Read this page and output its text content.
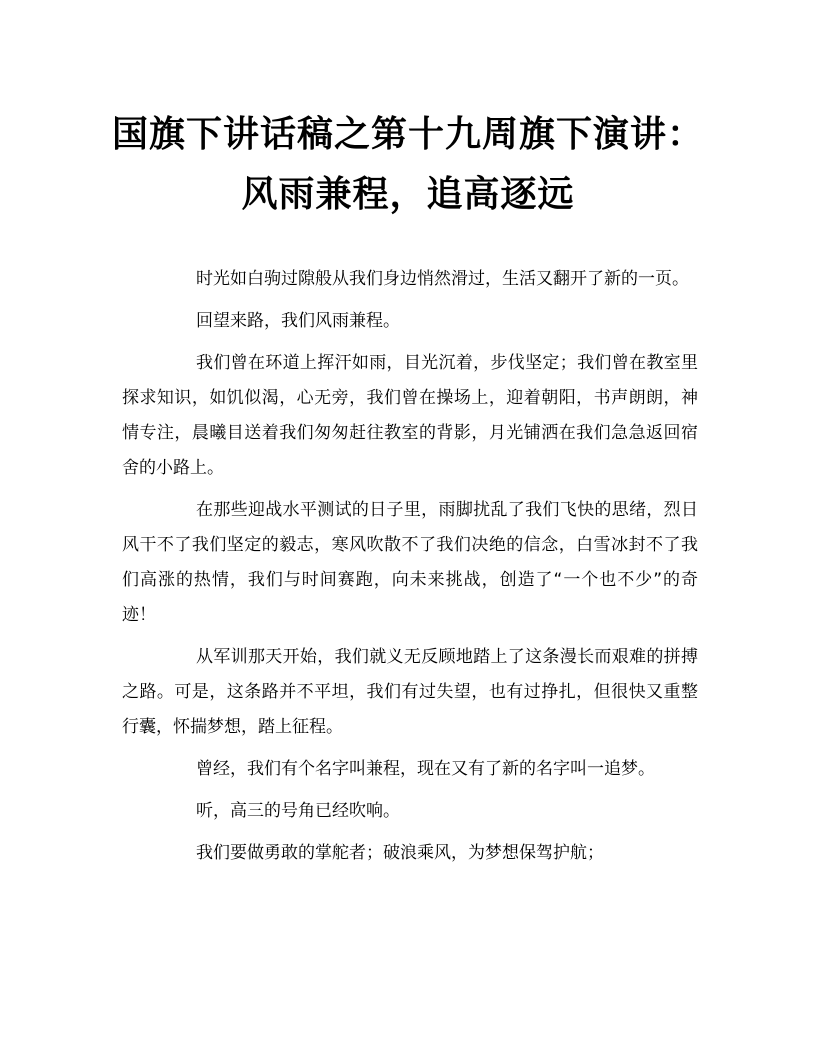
国旗下讲话稿之第十九周旗下演讲：风雨兼程，追高逐远

时光如白驹过隙般从我们身边悄然滑过，生活又翻开了新的一页。

回望来路，我们风雨兼程。

我们曾在环道上挥汗如雨，目光沉着，步伐坚定；我们曾在教室里探求知识，如饥似渴，心无旁，我们曾在操场上，迎着朝阳，书声朗朗，神情专注，晨曦目送着我们匆匆赶往教室的背影，月光铺洒在我们急急返回宿舍的小路上。

在那些迎战水平测试的日子里，雨脚扰乱了我们飞快的思绪，烈日风干不了我们坚定的毅志，寒风吹散不了我们决绝的信念，白雪冰封不了我们高涨的热情，我们与时间赛跑，向未来挑战，创造了“一个也不少”的奇迹！

从军训那天开始，我们就义无反顾地踏上了这条漫长而艰难的拼搏之路。可是，这条路并不平坦，我们有过失望，也有过挣扎，但很快又重整行囊，怀揣梦想，踏上征程。

曾经，我们有个名字叫兼程，现在又有了新的名字叫一追梦。

听，高三的号角已经吹响。

我们要做勇敢的掌舵者；破浪乘风，为梦想保驾护航；
